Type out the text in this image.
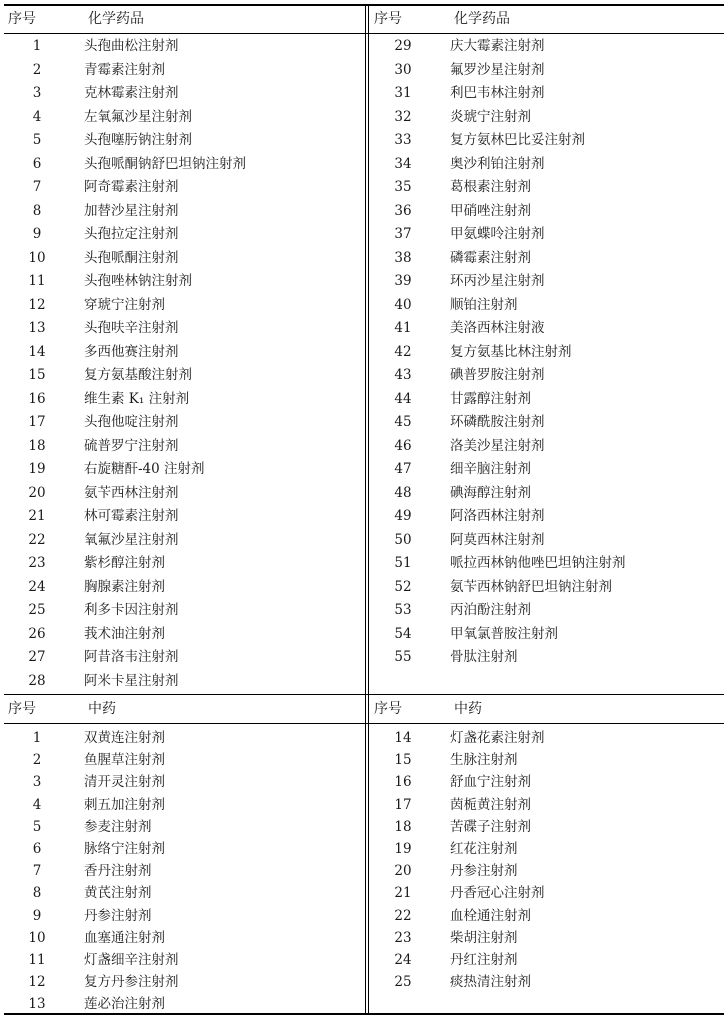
序号	化学药品	序号	化学药品
1	头孢曲松注射剂
2	青霉素注射剂
3	克林霉素注射剂
4	左氧氟沙星注射剂
5	头孢噻肟钠注射剂
6	头孢哌酮钠舒巴坦钠注射剂
7	阿奇霉素注射剂
8	加替沙星注射剂
9	头孢拉定注射剂
10	头孢哌酮注射剂
11	头孢唑林钠注射剂
12	穿琥宁注射剂
13	头孢呋辛注射剂
14	多西他赛注射剂
15	复方氨基酸注射剂
16	维生素 K₁ 注射剂
17	头孢他啶注射剂
18	硫普罗宁注射剂
19	右旋糖酐-40 注射剂
20	氨苄西林注射剂
21	林可霉素注射剂
22	氧氟沙星注射剂
23	紫杉醇注射剂
24	胸腺素注射剂
25	利多卡因注射剂
26	莪术油注射剂
27	阿昔洛韦注射剂
28	阿米卡星注射剂
29	庆大霉素注射剂
30	氟罗沙星注射剂
31	利巴韦林注射剂
32	炎琥宁注射剂
33	复方氨林巴比妥注射剂
34	奥沙利铂注射剂
35	葛根素注射剂
36	甲硝唑注射剂
37	甲氨蝶呤注射剂
38	磷霉素注射剂
39	环丙沙星注射剂
40	顺铂注射剂
41	美洛西林注射液
42	复方氨基比林注射剂
43	碘普罗胺注射剂
44	甘露醇注射剂
45	环磷酰胺注射剂
46	洛美沙星注射剂
47	细辛脑注射剂
48	碘海醇注射剂
49	阿洛西林注射剂
50	阿莫西林注射剂
51	哌拉西林钠他唑巴坦钠注射剂
52	氨苄西林钠舒巴坦钠注射剂
53	丙泊酚注射剂
54	甲氧氯普胺注射剂
55	骨肽注射剂
序号	中药	序号	中药
1	双黄连注射剂
2	鱼腥草注射剂
3	清开灵注射剂
4	刺五加注射剂
5	参麦注射剂
6	脉络宁注射剂
7	香丹注射剂
8	黄芪注射剂
9	丹参注射剂
10	血塞通注射剂
11	灯盏细辛注射剂
12	复方丹参注射剂
13	莲必治注射剂
14	灯盏花素注射剂
15	生脉注射剂
16	舒血宁注射剂
17	茵栀黄注射剂
18	苦碟子注射剂
19	红花注射剂
20	丹参注射剂
21	丹香冠心注射剂
22	血栓通注射剂
23	柴胡注射剂
24	丹红注射剂
25	痰热清注射剂
